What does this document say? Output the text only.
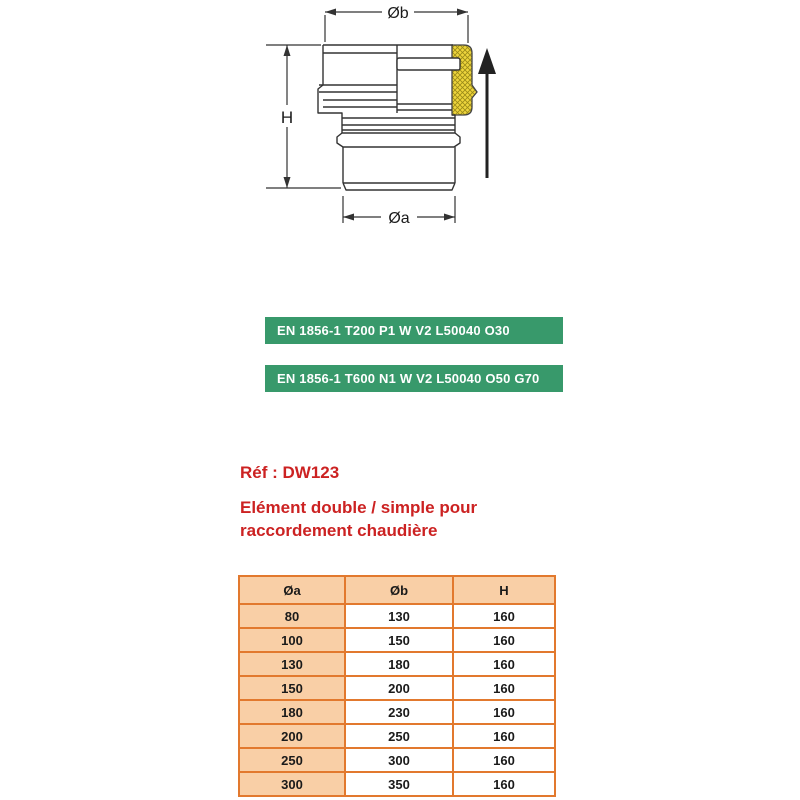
Øb
H
Øa
EN 1856-1 T200 P1 W V2 L50040 O30
EN 1856-1 T600 N1 W V2 L50040 O50 G70
Réf : DW123
Elément double / simple pour raccordement chaudière
Øa	Øb	H
80	130	160
100	150	160
130	180	160
150	200	160
180	230	160
200	250	160
250	300	160
300	350	160
